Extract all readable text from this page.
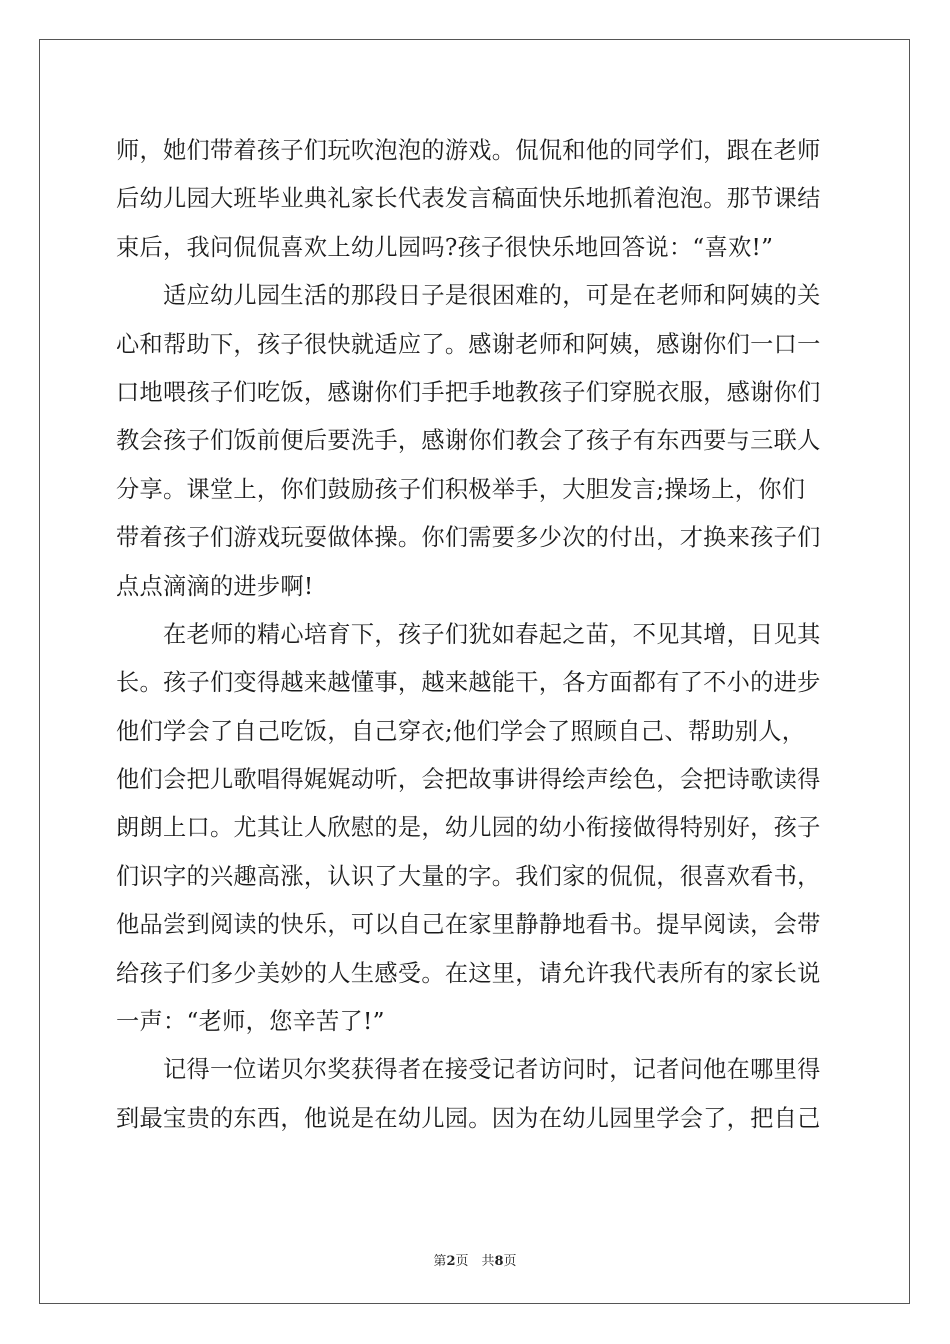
师，她们带着孩子们玩吹泡泡的游戏。侃侃和他的同学们，跟在老师
后幼儿园大班毕业典礼家长代表发言稿面快乐地抓着泡泡。那节课结
束后，我问侃侃喜欢上幼儿园吗?孩子很快乐地回答说：“喜欢!”
　　适应幼儿园生活的那段日子是很困难的，可是在老师和阿姨的关
心和帮助下，孩子很快就适应了。感谢老师和阿姨，感谢你们一口一
口地喂孩子们吃饭，感谢你们手把手地教孩子们穿脱衣服，感谢你们
教会孩子们饭前便后要洗手，感谢你们教会了孩子有东西要与三联人
分享。课堂上，你们鼓励孩子们积极举手，大胆发言;操场上，你们
带着孩子们游戏玩耍做体操。你们需要多少次的付出，才换来孩子们
点点滴滴的进步啊!
　　在老师的精心培育下，孩子们犹如春起之苗，不见其增，日见其
长。孩子们变得越来越懂事，越来越能干，各方面都有了不小的进步
他们学会了自己吃饭，自己穿衣;他们学会了照顾自己、帮助别人，
他们会把儿歌唱得娓娓动听，会把故事讲得绘声绘色，会把诗歌读得
朗朗上口。尤其让人欣慰的是，幼儿园的幼小衔接做得特别好，孩子
们识字的兴趣高涨，认识了大量的字。我们家的侃侃，很喜欢看书，
他品尝到阅读的快乐，可以自己在家里静静地看书。提早阅读，会带
给孩子们多少美妙的人生感受。在这里，请允许我代表所有的家长说
一声：“老师，您辛苦了!”
　　记得一位诺贝尔奖获得者在接受记者访问时，记者问他在哪里得
到最宝贵的东西，他说是在幼儿园。因为在幼儿园里学会了，把自己
第2页　共8页
